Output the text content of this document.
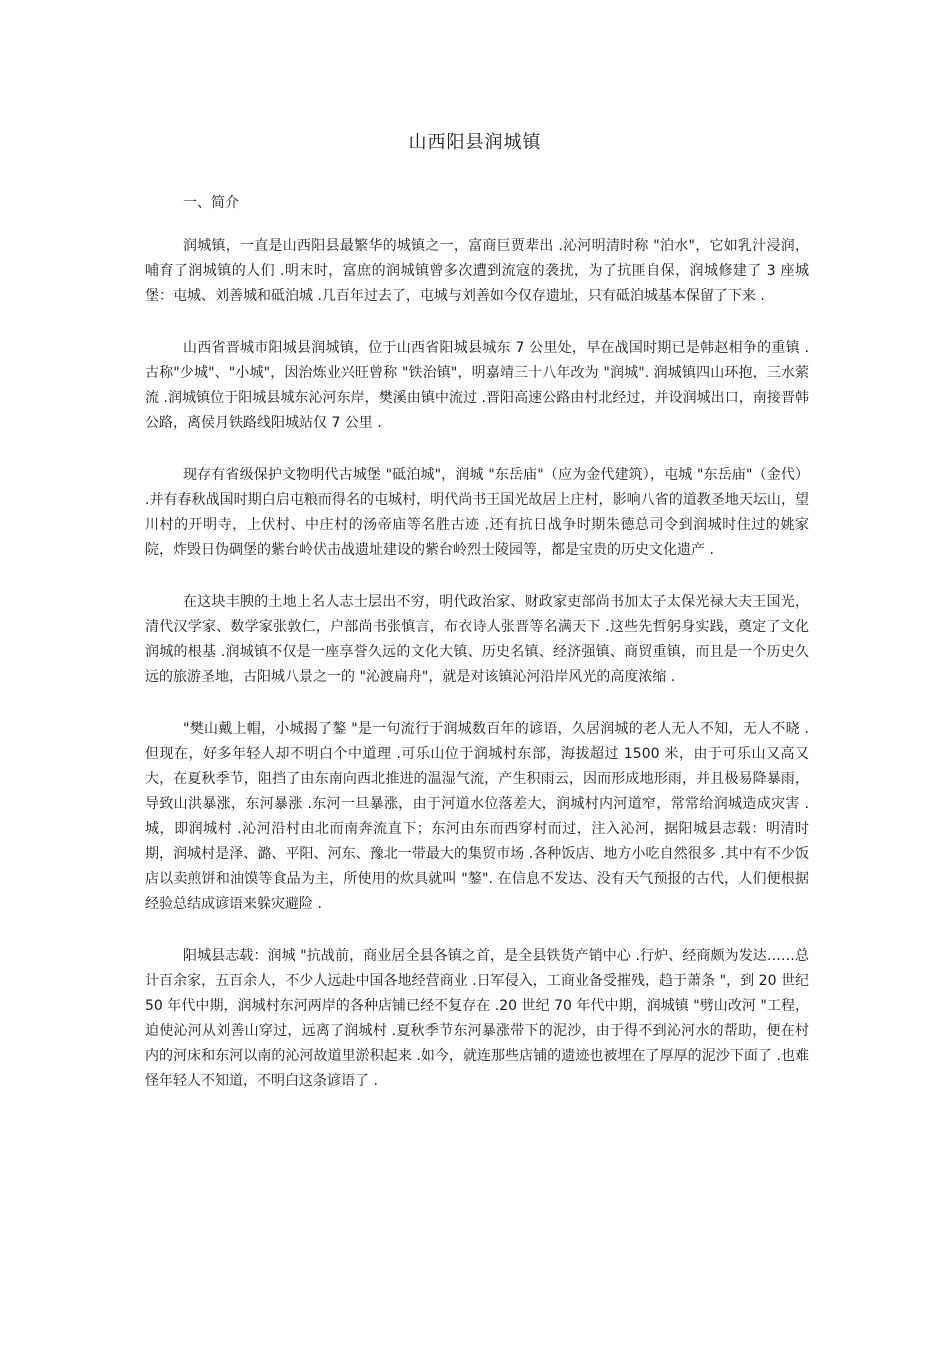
山西阳县润城镇
一、简介

润城镇，一直是山西阳县最繁华的城镇之一，富商巨贾辈出 .沁河明清时称 "泊水"，它如乳汁浸润，哺育了润城镇的人们 .明末时，富庶的润城镇曾多次遭到流寇的袭扰，为了抗匪自保，润城修建了 3 座城堡：屯城、刘善城和砥泊城 .几百年过去了，屯城与刘善如今仅存遗址，只有砥泊城基本保留了下来 .

山西省晋城市阳城县润城镇，位于山西省阳城县城东 7 公里处，早在战国时期已是韩赵相争的重镇 .古称"少城"、"小城"，因治炼业兴旺曾称 "铁治镇"，明嘉靖三十八年改为 "润城". 润城镇四山环抱，三水萦流 .润城镇位于阳城县城东沁河东岸，樊溪由镇中流过 .晋阳高速公路由村北经过，并设润城出口，南接晋韩公路，离侯月铁路线阳城站仅 7 公里 .

现存有省级保护文物明代古城堡 "砥泊城"，润城 "东岳庙"（应为金代建筑），屯城 "东岳庙"（金代） .并有春秋战国时期白启屯粮而得名的屯城村，明代尚书王国光故居上庄村，影响八省的道教圣地天坛山，望川村的开明寺，上伏村、中庄村的汤帝庙等名胜古迹 .还有抗日战争时期朱德总司令到润城时住过的姚家院，炸毁日伪碉堡的紫台岭伏击战遗址建设的紫台岭烈士陵园等，都是宝贵的历史文化遗产 .

在这块丰腴的土地上名人志士层出不穷，明代政治家、财政家吏部尚书加太子太保光禄大夫王国光，清代汉学家、数学家张敦仁，户部尚书张慎言，布衣诗人张晋等名满天下 .这些先哲躬身实践，奠定了文化润城的根基 .润城镇不仅是一座享誉久远的文化大镇、历史名镇、经济强镇、商贸重镇，而且是一个历史久远的旅游圣地，古阳城八景之一的 "沁渡扁舟"，就是对该镇沁河沿岸风光的高度浓缩 .

"樊山戴上帽，小城揭了鏊 "是一句流行于润城数百年的谚语，久居润城的老人无人不知，无人不晓 .但现在，好多年轻人却不明白个中道理 .可乐山位于润城村东部，海拔超过 1500 米，由于可乐山又高又大，在夏秋季节，阻挡了由东南向西北推进的温湿气流，产生积雨云，因而形成地形雨，并且极易降暴雨，导致山洪暴涨，东河暴涨 .东河一旦暴涨，由于河道水位落差大，润城村内河道窄，常常给润城造成灾害 .城，即润城村 .沁河沿村由北而南奔流直下；东河由东而西穿村而过，注入沁河，据阳城县志载：明清时期，润城村是泽、潞、平阳、河东、豫北一带最大的集贸市场 .各种饭店、地方小吃自然很多 .其中有不少饭店以卖煎饼和油馍等食品为主，所使用的炊具就叫 "鏊". 在信息不发达、没有天气预报的古代，人们便根据经验总结成谚语来躲灾避险 .

阳城县志载：润城 "抗战前，商业居全县各镇之首，是全县铁货产销中心 .行炉、经商颇为发达……总计百余家，五百余人，不少人远赴中国各地经营商业 .日军侵入，工商业备受摧残，趋于萧条 "，到 20 世纪 50 年代中期，润城村东河两岸的各种店铺已经不复存在 .20 世纪 70 年代中期，润城镇 "劈山改河 "工程，迫使沁河从刘善山穿过，远离了润城村 .夏秋季节东河暴涨带下的泥沙，由于得不到沁河水的帮助，便在村内的河床和东河以南的沁河故道里淤积起来 .如今，就连那些店铺的遗迹也被埋在了厚厚的泥沙下面了 .也难怪年轻人不知道，不明白这条谚语了 .
